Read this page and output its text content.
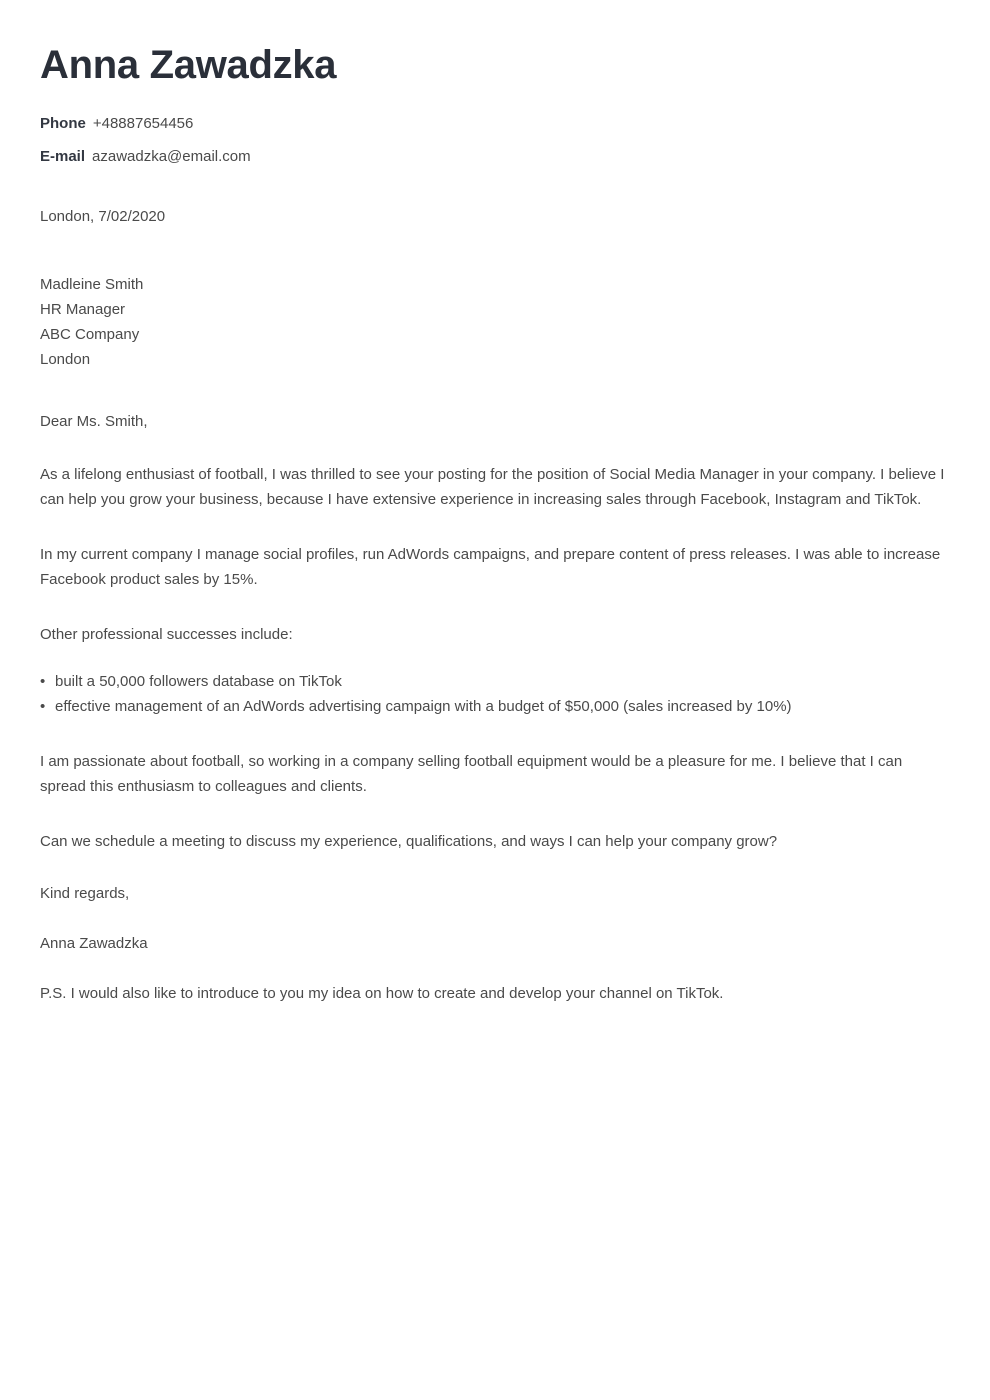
Anna Zawadzka
Phone +48887654456
E-mail azawadzka@email.com
London, 7/02/2020
Madleine Smith
HR Manager
ABC Company
London
Dear Ms. Smith,

As a lifelong enthusiast of football, I was thrilled to see your posting for the position of Social Media Manager in your company. I believe I can help you grow your business, because I have extensive experience in increasing sales through Facebook, Instagram and TikTok.

In my current company I manage social profiles, run AdWords campaigns, and prepare content of press releases. I was able to increase Facebook product sales by 15%.

Other professional successes include:

• built a 50,000 followers database on TikTok
• effective management of an AdWords advertising campaign with a budget of $50,000 (sales increased by 10%)

I am passionate about football, so working in a company selling football equipment would be a pleasure for me. I believe that I can spread this enthusiasm to colleagues and clients.

Can we schedule a meeting to discuss my experience, qualifications, and ways I can help your company grow?

Kind regards,
Anna Zawadzka
P.S. I would also like to introduce to you my idea on how to create and develop your channel on TikTok.
